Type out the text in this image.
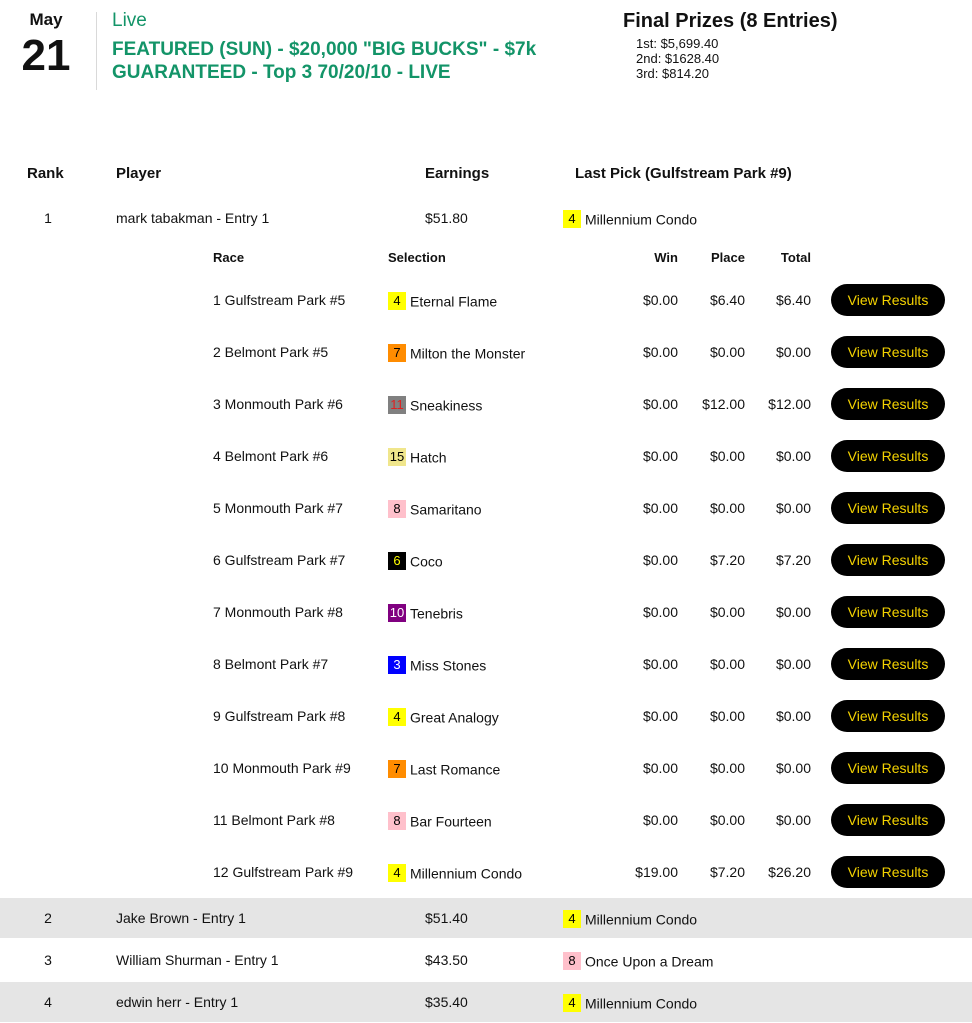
May
21
Live
FEATURED (SUN) - $20,000 "BIG BUCKS" - $7k GUARANTEED - Top 3 70/20/10 - LIVE
Final Prizes (8 Entries)
1st: $5,699.40
2nd: $1628.40
3rd: $814.20
Rank	Player	Earnings	Last Pick (Gulfstream Park #9)
1	mark tabakman - Entry 1	$51.80	4 Millennium Condo
Race	Selection	Win	Place	Total
1 Gulfstream Park #5	4 Eternal Flame	$0.00	$6.40	$6.40	View Results
2 Belmont Park #5	7 Milton the Monster	$0.00	$0.00	$0.00	View Results
3 Monmouth Park #6	11 Sneakiness	$0.00	$12.00	$12.00	View Results
4 Belmont Park #6	15 Hatch	$0.00	$0.00	$0.00	View Results
5 Monmouth Park #7	8 Samaritano	$0.00	$0.00	$0.00	View Results
6 Gulfstream Park #7	6 Coco	$0.00	$7.20	$7.20	View Results
7 Monmouth Park #8	10 Tenebris	$0.00	$0.00	$0.00	View Results
8 Belmont Park #7	3 Miss Stones	$0.00	$0.00	$0.00	View Results
9 Gulfstream Park #8	4 Great Analogy	$0.00	$0.00	$0.00	View Results
10 Monmouth Park #9	7 Last Romance	$0.00	$0.00	$0.00	View Results
11 Belmont Park #8	8 Bar Fourteen	$0.00	$0.00	$0.00	View Results
12 Gulfstream Park #9	4 Millennium Condo	$19.00	$7.20	$26.20	View Results
2	Jake Brown - Entry 1	$51.40	4 Millennium Condo
3	William Shurman - Entry 1	$43.50	8 Once Upon a Dream
4	edwin herr - Entry 1	$35.40	4 Millennium Condo
